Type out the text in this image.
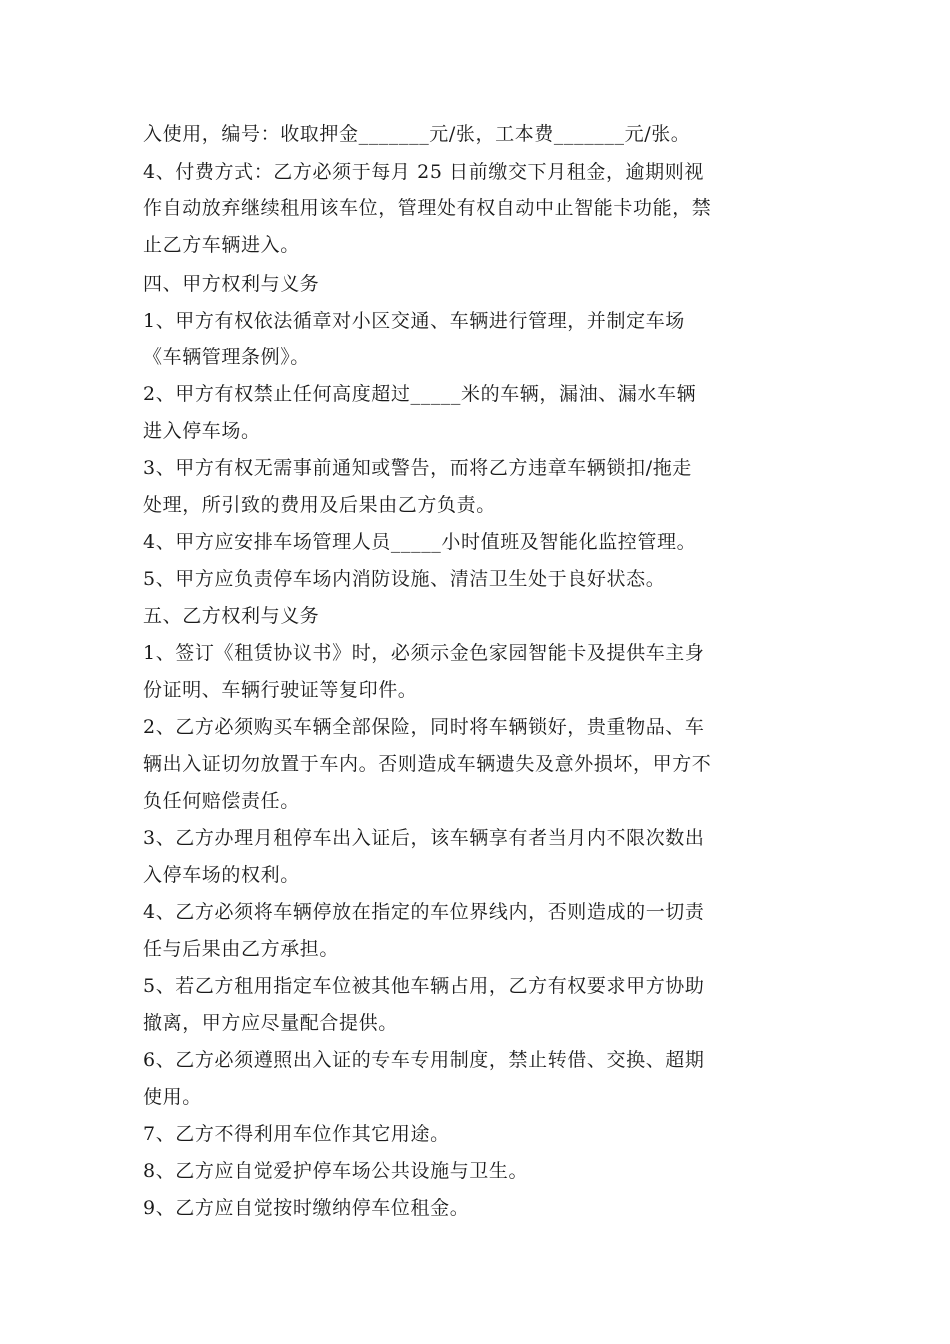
入使用，编号：收取押金_______元/张，工本费_______元/张。

4、付费方式：乙方必须于每月 25 日前缴交下月租金，逾期则视

作自动放弃继续租用该车位，管理处有权自动中止智能卡功能，禁

止乙方车辆进入。

四、甲方权利与义务

1、甲方有权依法循章对小区交通、车辆进行管理，并制定车场

《车辆管理条例》。

2、甲方有权禁止任何高度超过_____米的车辆，漏油、漏水车辆

进入停车场。

3、甲方有权无需事前通知或警告，而将乙方违章车辆锁扣/拖走

处理，所引致的费用及后果由乙方负责。

4、甲方应安排车场管理人员_____小时值班及智能化监控管理。

5、甲方应负责停车场内消防设施、清洁卫生处于良好状态。

五、乙方权利与义务

1、签订《租赁协议书》时，必须示金色家园智能卡及提供车主身

份证明、车辆行驶证等复印件。

2、乙方必须购买车辆全部保险，同时将车辆锁好，贵重物品、车

辆出入证切勿放置于车内。否则造成车辆遗失及意外损坏，甲方不

负任何赔偿责任。

3、乙方办理月租停车出入证后，该车辆享有者当月内不限次数出

入停车场的权利。

4、乙方必须将车辆停放在指定的车位界线内，否则造成的一切责

任与后果由乙方承担。

5、若乙方租用指定车位被其他车辆占用，乙方有权要求甲方协助

撤离，甲方应尽量配合提供。

6、乙方必须遵照出入证的专车专用制度，禁止转借、交换、超期

使用。

7、乙方不得利用车位作其它用途。

8、乙方应自觉爱护停车场公共设施与卫生。

9、乙方应自觉按时缴纳停车位租金。
